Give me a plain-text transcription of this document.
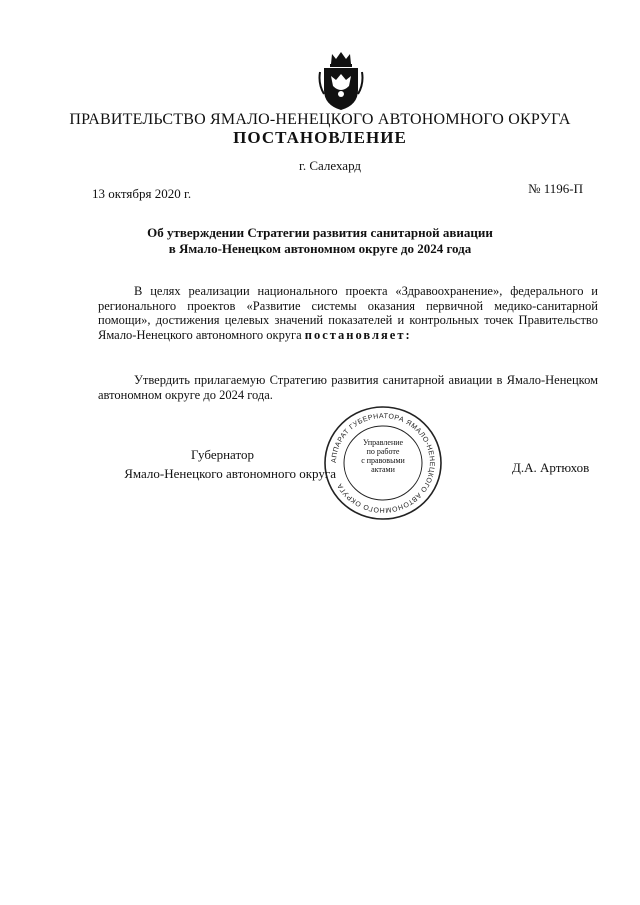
ПРАВИТЕЛЬСТВО ЯМАЛО-НЕНЕЦКОГО АВТОНОМНОГО ОКРУГА
ПОСТАНОВЛЕНИЕ
г. Салехард
13 октября 2020 г.	№ 1196-П
Об утверждении Стратегии развития санитарной авиации
в Ямало-Ненецком автономном округе до 2024 года
В целях реализации национального проекта «Здравоохранение», федерального и регионального проектов «Развитие системы оказания первичной медико-санитарной помощи», достижения целевых значений показателей и контрольных точек Правительство Ямало-Ненецкого автономного округа постановляет:
Утвердить прилагаемую Стратегию развития санитарной авиации в Ямало-Ненецком автономном округе до 2024 года.
Губернатор
Ямало-Ненецкого автономного округа
АППАРАТ ГУБЕРНАТОРА ЯМАЛО-НЕНЕЦКОГО АВТОНОМНОГО ОКРУГА
Управление
по работе
с правовыми
актами	Д.А. Артюхов
